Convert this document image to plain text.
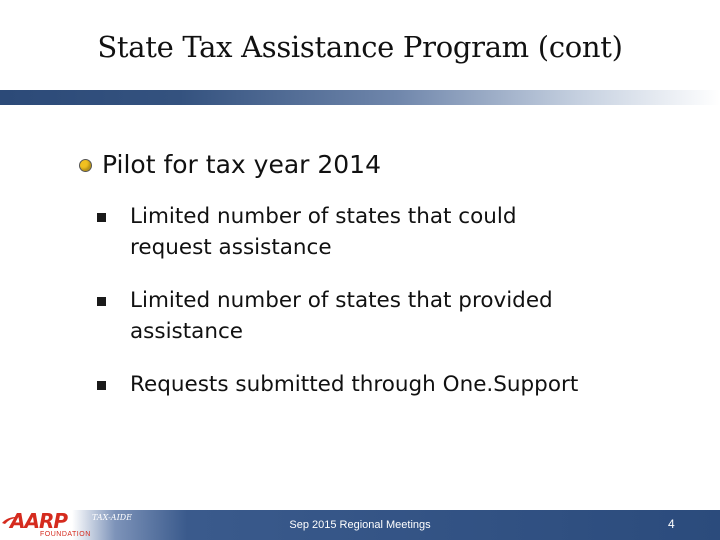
State Tax Assistance Program (cont)
Pilot for tax year 2014
Limited number of states that could
request assistance
Limited number of states that provided
assistance
Requests submitted through One.Support
AARP
FOUNDATION
TAX-AIDE
Sep 2015 Regional Meetings	4
